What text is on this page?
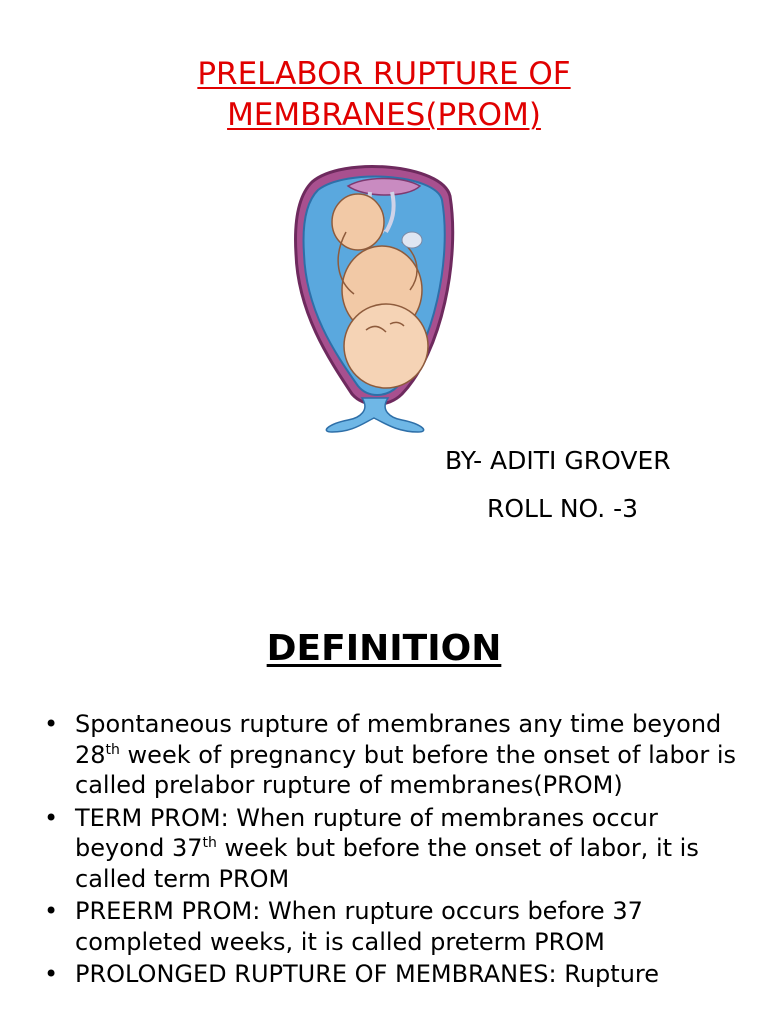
PRELABOR RUPTURE OF
MEMBRANES(PROM)
BY- ADITI GROVER
ROLL NO. -3
DEFINITION
• Spontaneous rupture of membranes any time beyond 28th week of pregnancy but before the onset of labor is called prelabor rupture of membranes(PROM)
• TERM PROM: When rupture of membranes occur beyond 37th week but before the onset of labor, it is called term PROM
• PREERM PROM: When rupture occurs before 37 completed weeks, it is called preterm PROM
• PROLONGED RUPTURE OF MEMBRANES: Rupture
